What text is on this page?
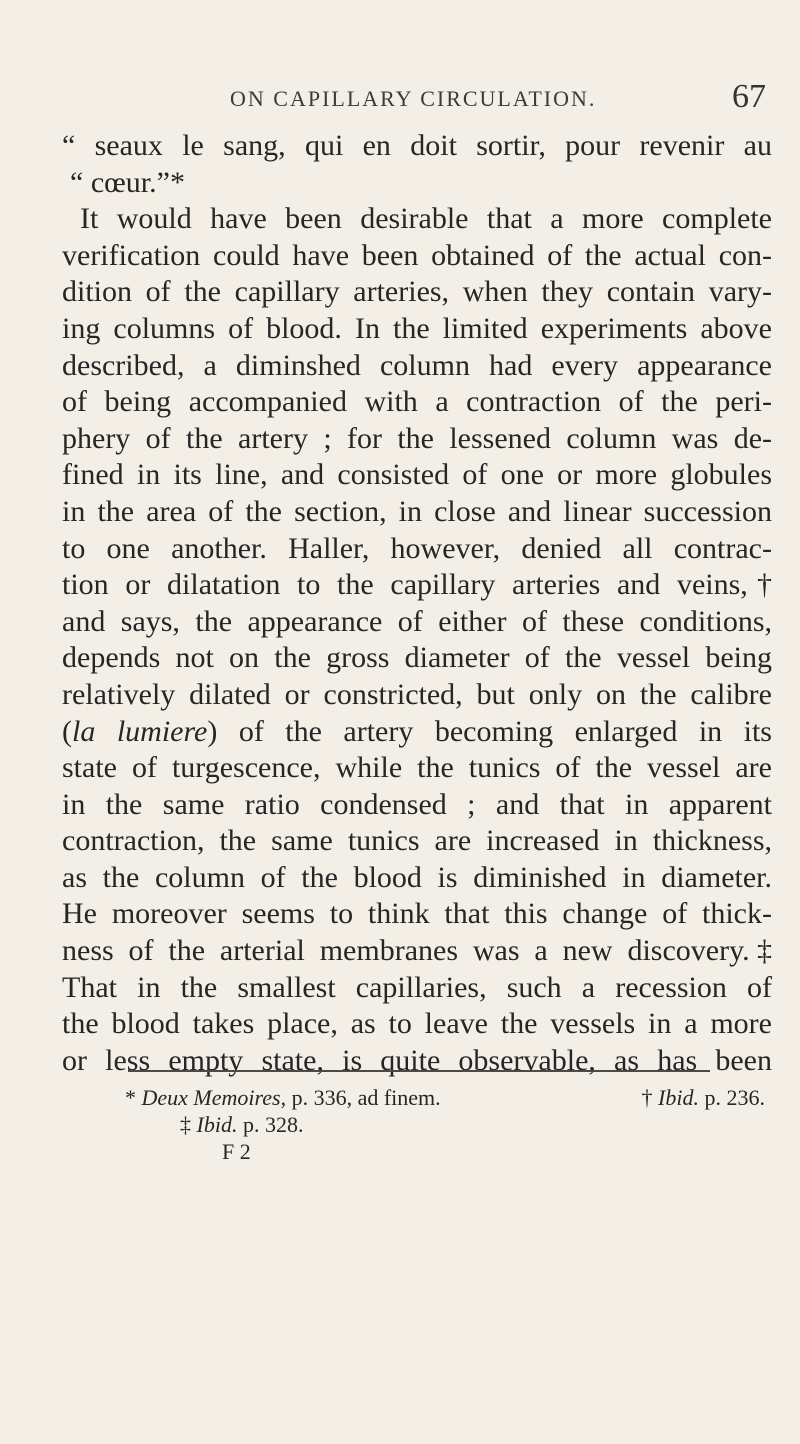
ON CAPILLARY CIRCULATION.	67
“ seaux le sang, qui en doit sortir, pour revenir au
“ cœur.”*
It would have been desirable that a more complete
verification could have been obtained of the actual con-
dition of the capillary arteries, when they contain vary-
ing columns of blood. In the limited experiments above
described, a diminshed column had every appearance
of being accompanied with a contraction of the peri-
phery of the artery ; for the lessened column was de-
fined in its line, and consisted of one or more globules
in the area of the section, in close and linear succession
to one another. Haller, however, denied all contrac-
tion or dilatation to the capillary arteries and veins,†
and says, the appearance of either of these conditions,
depends not on the gross diameter of the vessel being
relatively dilated or constricted, but only on the calibre
(la lumiere) of the artery becoming enlarged in its
state of turgescence, while the tunics of the vessel are
in the same ratio condensed ; and that in apparent
contraction, the same tunics are increased in thickness,
as the column of the blood is diminished in diameter.
He moreover seems to think that this change of thick-
ness of the arterial membranes was a new discovery.‡
That in the smallest capillaries, such a recession of
the blood takes place, as to leave the vessels in a more
or less empty state, is quite observable, as has been
* Deux Memoires, p. 336, ad finem.	† Ibid. p. 236.
‡ Ibid. p. 328.
F 2
